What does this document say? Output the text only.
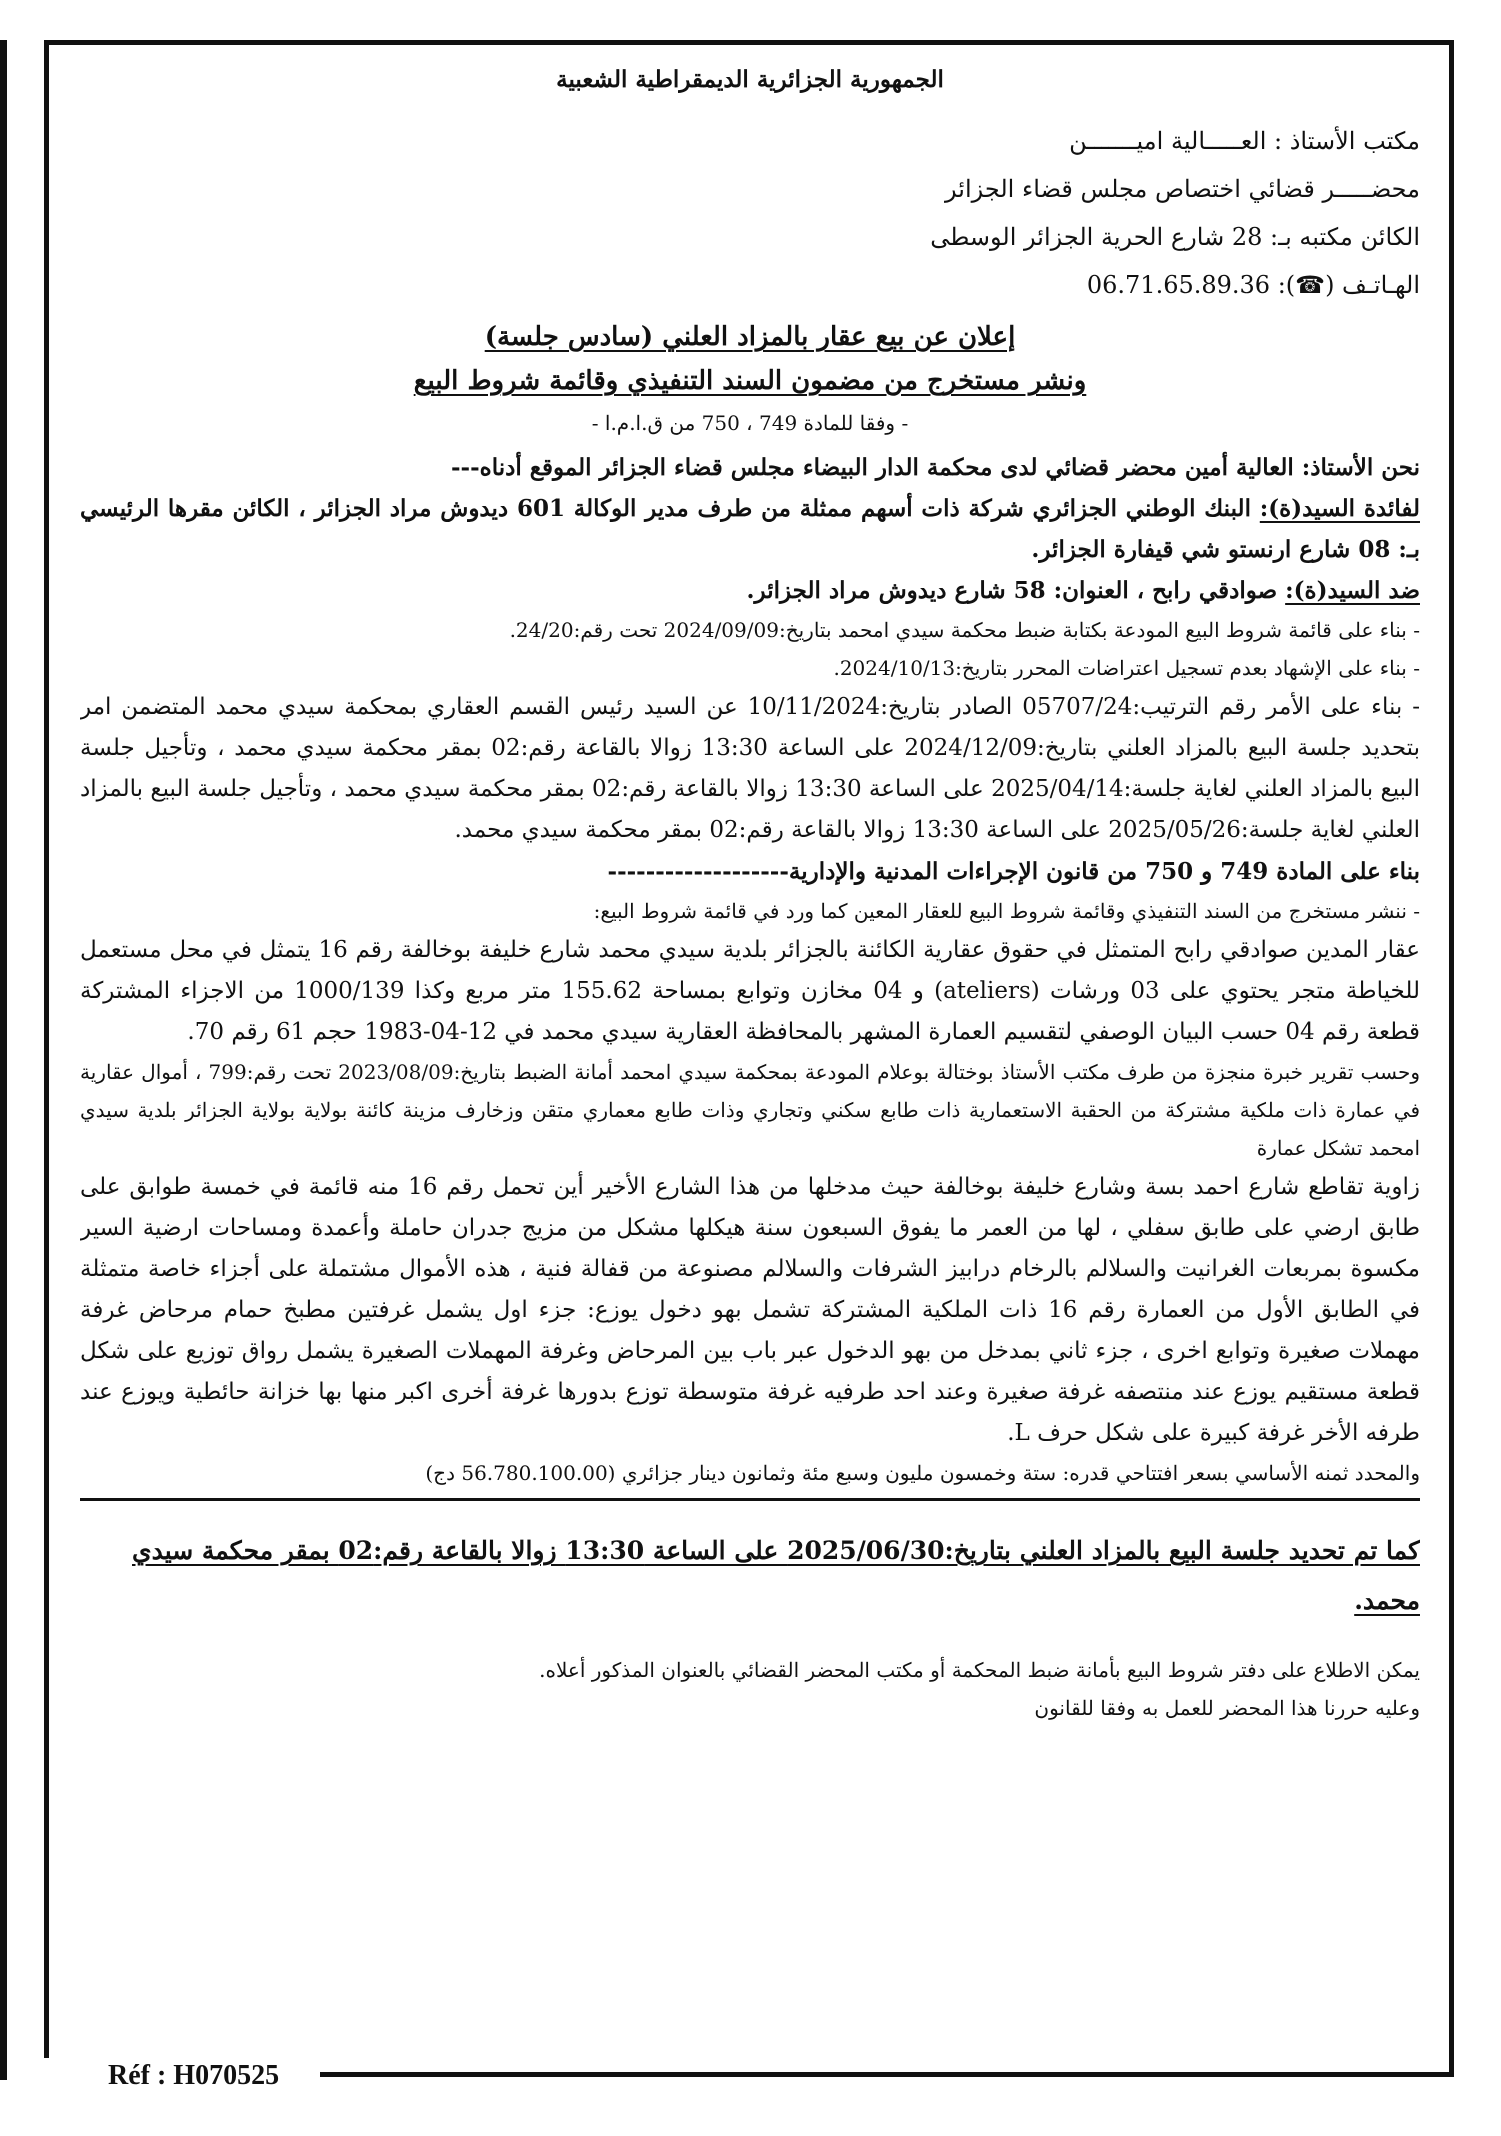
الجمهورية الجزائرية الديمقراطية الشعبية
مكتب الأستاذ : العـــــالية اميـــــــن
محضـــــر قضائي اختصاص مجلس قضاء الجزائر
الكائن مكتبه بـ: 28 شارع الحرية الجزائر الوسطى
الهـاتـف (☎): 06.71.65.89.36
إعلان عن بيع عقار بالمزاد العلني (سادس جلسة)
ونشر مستخرج من مضمون السند التنفيذي وقائمة شروط البيع
- وفقا للمادة 749 ، 750 من ق.ا.م.ا -

نحن الأستاذ: العالية أمين محضر قضائي لدى محكمة الدار البيضاء مجلس قضاء الجزائر الموقع أدناه---

لفائدة السيد(ة): البنك الوطني الجزائري شركة ذات أسهم ممثلة من طرف مدير الوكالة 601 ديدوش مراد الجزائر ، الكائن مقرها الرئيسي بـ: 08 شارع ارنستو شي قيفارة الجزائر.

ضد السيد(ة): صوادقي رابح ، العنوان: 58 شارع ديدوش مراد الجزائر.

- بناء على قائمة شروط البيع المودعة بكتابة ضبط محكمة سيدي امحمد بتاريخ:2024/09/09 تحت رقم:24/20.

- بناء على الإشهاد بعدم تسجيل اعتراضات المحرر بتاريخ:2024/10/13.

- بناء على الأمر رقم الترتيب:05707/24 الصادر بتاريخ:10/11/2024 عن السيد رئيس القسم العقاري بمحكمة سيدي محمد المتضمن امر بتحديد جلسة البيع بالمزاد العلني بتاريخ:2024/12/09 على الساعة 13:30 زوالا بالقاعة رقم:02 بمقر محكمة سيدي محمد ، وتأجيل جلسة البيع بالمزاد العلني لغاية جلسة:2025/04/14 على الساعة 13:30 زوالا بالقاعة رقم:02 بمقر محكمة سيدي محمد ، وتأجيل جلسة البيع بالمزاد العلني لغاية جلسة:2025/05/26 على الساعة 13:30 زوالا بالقاعة رقم:02 بمقر محكمة سيدي محمد.

بناء على المادة 749 و 750 من قانون الإجراءات المدنية والإدارية-------------------

- ننشر مستخرج من السند التنفيذي وقائمة شروط البيع للعقار المعين كما ورد في قائمة شروط البيع:

عقار المدين صوادقي رابح المتمثل في حقوق عقارية الكائنة بالجزائر بلدية سيدي محمد شارع خليفة بوخالفة رقم 16 يتمثل في محل مستعمل للخياطة متجر يحتوي على 03 ورشات (ateliers) و 04 مخازن وتوابع بمساحة 155.62 متر مربع وكذا 1000/139 من الاجزاء المشتركة قطعة رقم 04 حسب البيان الوصفي لتقسيم العمارة المشهر بالمحافظة العقارية سيدي محمد في 12-04-1983 حجم 61 رقم 70.

وحسب تقرير خبرة منجزة من طرف مكتب الأستاذ بوختالة بوعلام المودعة بمحكمة سيدي امحمد أمانة الضبط بتاريخ:2023/08/09 تحت رقم:799 ، أموال عقارية في عمارة ذات ملكية مشتركة من الحقبة الاستعمارية ذات طابع سكني وتجاري وذات طابع معماري متقن وزخارف مزينة كائنة بولاية بولاية الجزائر بلدية سيدي امحمد تشكل عمارة

زاوية تقاطع شارع احمد بسة وشارع خليفة بوخالفة حيث مدخلها من هذا الشارع الأخير أين تحمل رقم 16 منه قائمة في خمسة طوابق على طابق ارضي على طابق سفلي ، لها من العمر ما يفوق السبعون سنة هيكلها مشكل من مزيج جدران حاملة وأعمدة ومساحات ارضية السير مكسوة بمربعات الغرانيت والسلالم بالرخام درابيز الشرفات والسلالم مصنوعة من قفالة فنية ، هذه الأموال مشتملة على أجزاء خاصة متمثلة في الطابق الأول من العمارة رقم 16 ذات الملكية المشتركة تشمل بهو دخول يوزع: جزء اول يشمل غرفتين مطبخ حمام مرحاض غرفة مهملات صغيرة وتوابع اخرى ، جزء ثاني بمدخل من بهو الدخول عبر باب بين المرحاض وغرفة المهملات الصغيرة يشمل رواق توزيع على شكل قطعة مستقيم يوزع عند منتصفه غرفة صغيرة وعند احد طرفيه غرفة متوسطة توزع بدورها غرفة أخرى اكبر منها بها خزانة حائطية ويوزع عند طرفه الأخر غرفة كبيرة على شكل حرف L.

والمحدد ثمنه الأساسي بسعر افتتاحي قدره: ستة وخمسون مليون وسبع مئة وثمانون دينار جزائري (56.780.100.00 دج)

كما تم تحديد جلسة البيع بالمزاد العلني بتاريخ:2025/06/30 على الساعة 13:30 زوالا بالقاعة رقم:02 بمقر محكمة سيدي محمد.

يمكن الاطلاع على دفتر شروط البيع بأمانة ضبط المحكمة أو مكتب المحضر القضائي بالعنوان المذكور أعلاه.

وعليه حررنا هذا المحضر للعمل به وفقا للقانون

Réf : H070525
